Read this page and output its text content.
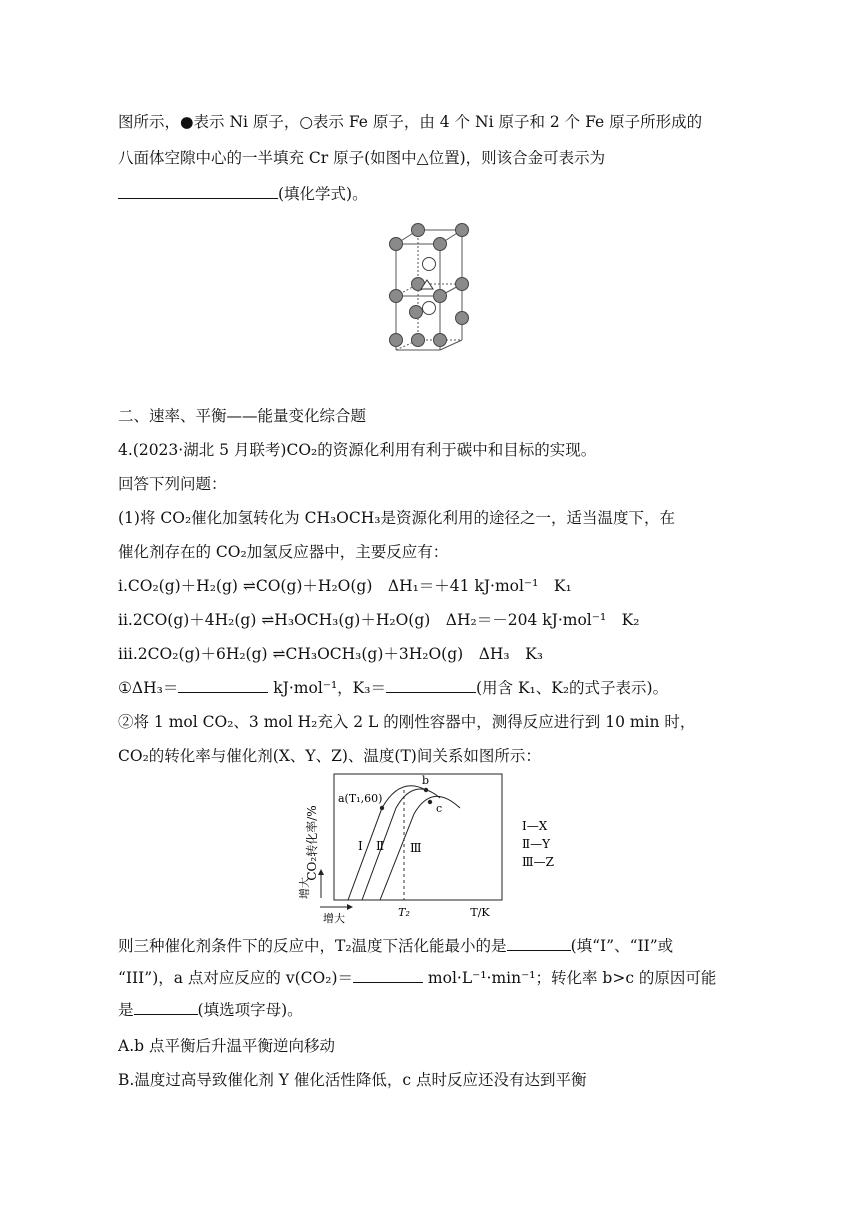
图所示，●表示 Ni 原子，○表示 Fe 原子，由 4 个 Ni 原子和 2 个 Fe 原子所形成的
八面体空隙中心的一半填充 Cr 原子(如图中△位置)，则该合金可表示为
(填化学式)。
二、速率、平衡——能量变化综合题
4.(2023·湖北 5 月联考)CO₂的资源化利用有利于碳中和目标的实现。
回答下列问题：
(1)将 CO₂催化加氢转化为 CH₃OCH₃是资源化利用的途径之一，适当温度下，在
催化剂存在的 CO₂加氢反应器中，主要反应有：
i.CO₂(g)＋H₂(g) ⇌CO(g)＋H₂O(g)　ΔH₁＝＋41 kJ·mol⁻¹　K₁
ii.2CO(g)＋4H₂(g) ⇌H₃OCH₃(g)＋H₂O(g)　ΔH₂＝－204 kJ·mol⁻¹　K₂
iii.2CO₂(g)＋6H₂(g) ⇌CH₃OCH₃(g)＋3H₂O(g)　ΔH₃　K₃
①ΔH₃＝	kJ·mol⁻¹，K₃＝	(用含 K₁、K₂的式子表示)。
②将 1 mol CO₂、3 mol H₂充入 2 L 的刚性容器中，测得反应进行到 10 min 时，
CO₂的转化率与催化剂(X、Y、Z)、温度(T)间关系如图所示：
CO₂转化率/%
增大
增大	T₂	T/K
a(T₁,60)
b
c
Ⅰ Ⅱ Ⅲ
Ⅰ—X
Ⅱ—Y
Ⅲ—Z
则三种催化剂条件下的反应中，T₂温度下活化能最小的是	(填“I”、“II”或
“III”)，a 点对应反应的 v(CO₂)＝	mol·L⁻¹·min⁻¹；转化率 b>c 的原因可能
是	(填选项字母)。
A.b 点平衡后升温平衡逆向移动
B.温度过高导致催化剂 Y 催化活性降低，c 点时反应还没有达到平衡
